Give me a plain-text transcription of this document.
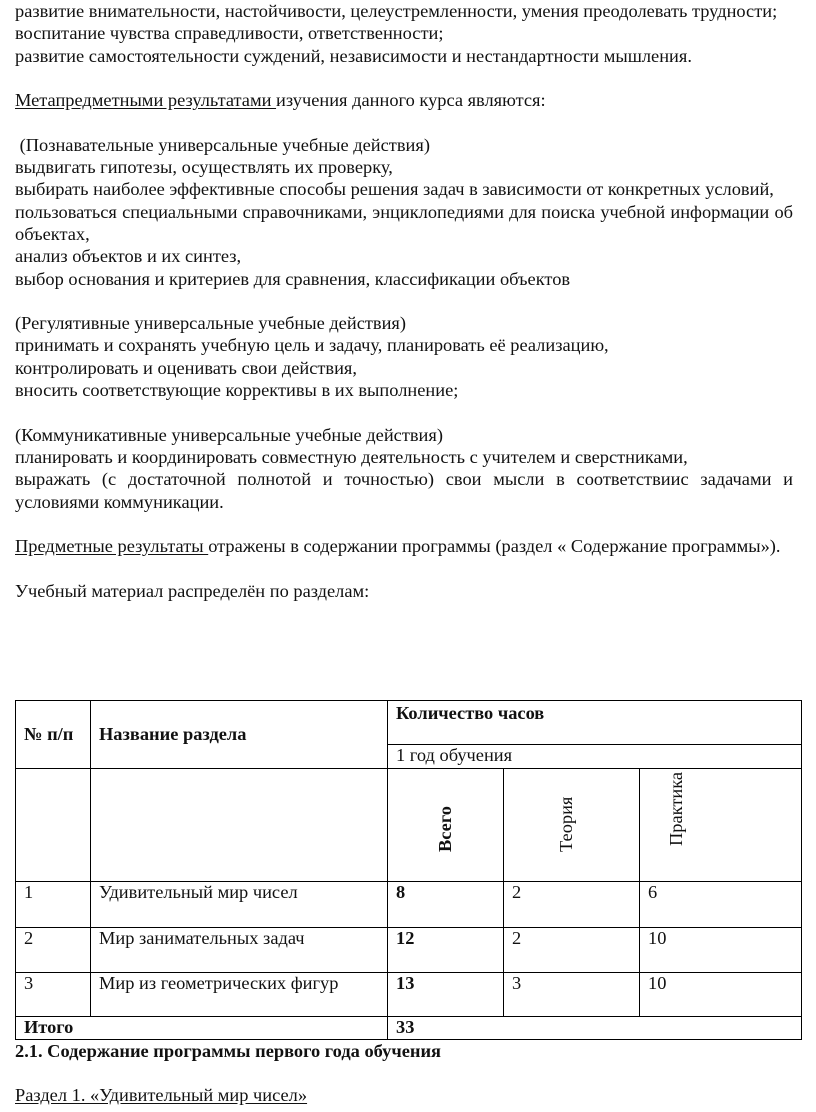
развитие внимательности, настойчивости, целеустремленности, умения преодолевать трудности;

воспитание чувства справедливости, ответственности;

развитие самостоятельности суждений, независимости и нестандартности мышления.

Метапредметными результатами изучения данного курса являются:

(Познавательные универсальные учебные действия)

выдвигать гипотезы, осуществлять их проверку,

выбирать наиболее эффективные способы решения задач в зависимости от конкретных условий,

пользоваться специальными справочниками, энциклопедиями для поиска учебной информации об объектах,

анализ объектов и их синтез,

выбор основания и критериев для сравнения, классификации объектов

(Регулятивные универсальные учебные действия)

принимать и сохранять учебную цель и задачу, планировать её реализацию,

контролировать и оценивать свои действия,

вносить соответствующие коррективы в их выполнение;

(Коммуникативные универсальные учебные действия)

планировать и координировать совместную деятельность с учителем и сверстниками,

выражать (с достаточной полнотой и точностью) свои мысли в соответствиис задачами и условиями коммуникации.

Предметные результаты отражены в содержании программы (раздел « Содержание программы»).

Учебный материал распределён по разделам:

№ п/п	Название раздела	Количество часов		
		1 год обучения		

		Всего	Теория	Практика

1	Удивительный мир чисел	8	2	6
2	Мир занимательных задач	12	2	10
3	Мир из геометрических фигур	13	3	10
Итого		33		

2.1. Содержание программы первого года обучения

Раздел 1. «Удивительный мир чисел»
